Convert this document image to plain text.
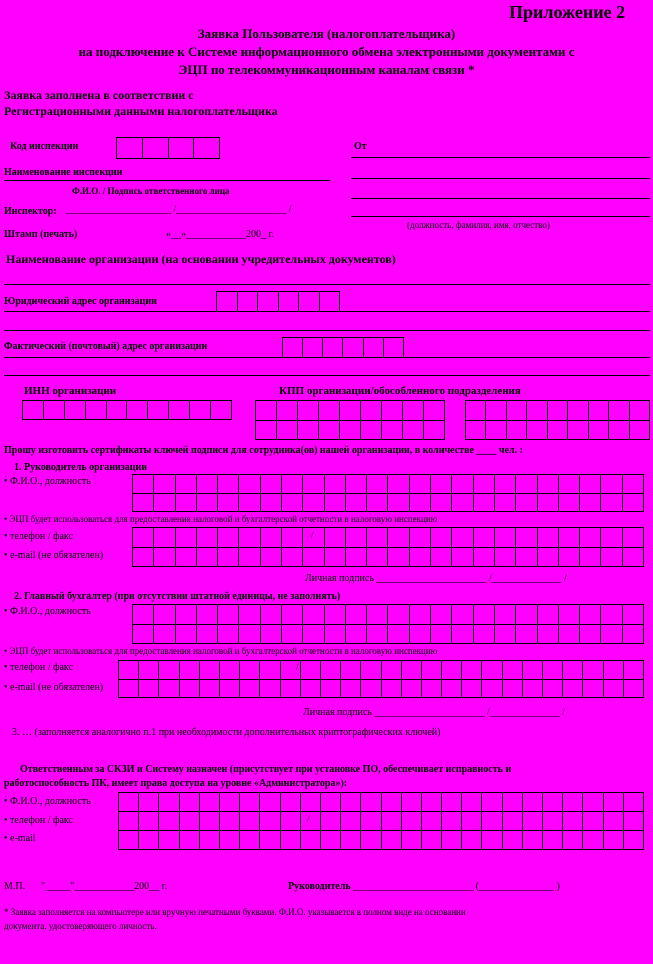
Приложение 2
Заявка Пользователя (налогоплательщика)
на подключение к Системе информационного обмена электронными документами с
ЭЦП по телекоммуникационным каналам связи *
Заявка заполнена в соответствии с
Регистрационными данными налогоплательщика
Код инспекции	От
Наименование инспекции
Ф.И.О. / Подпись ответственного лица
Инспектор: _____________________ /______________________ /
(должность, фамилия, имя, отчество)
Штамп (печать)	«__»____________200_ г.
Наименование организации (на основании учредительных документов)
Юридический адрес организации
Фактический (почтовый) адрес организации
ИНН организации	КПП организации/обособленного подразделения
Прошу изготовить сертификаты ключей подписи для сотрудника(ов) нашей организации, в количестве ____ чел. :
1. Руководитель организации
• Ф.И.О., должность
• ЭЦП будет использоваться для предоставления налоговой и бухгалтерской отчетности в налоговую инспекцию
• телефон / факс
• e-mail (не обязателен)
/
Личная подпись ______________________ /______________ /
2. Главный бухгалтер (при отсутствии штатной единицы, не заполнять)
• Ф.И.О., должность
• ЭЦП будет использоваться для предоставления налоговой и бухгалтерской отчетности в налоговую инспекцию
• телефон / факс
• e-mail (не обязателен)
/
Личная подпись ______________________ /______________ /
3. … (заполняется аналогично п.1 при необходимости дополнительных криптографических ключей)
Ответственным за СКЗИ и Систему назначен (присутствует при установке ПО, обеспечивает исправность и
работоспособность ПК, имеет права доступа на уровне «Администратора»):
• Ф.И.О., должность
• телефон / факс
• e-mail
/
М.П. "_____"____________200__ г.	Руководитель ________________________ (_______________ )
* Заявка заполняется на компьютере или вручную печатными буквами. Ф.И.О. указывается в полном виде на основании
документа, удостоверяющего личность.
